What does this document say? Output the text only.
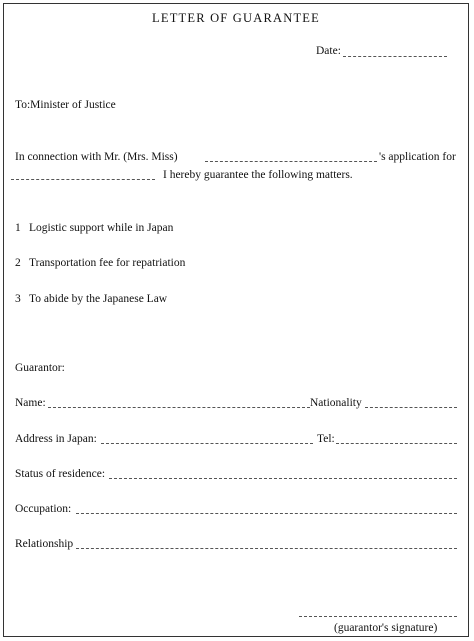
LETTER OF GUARANTEE
Date:
To:Minister of Justice
In connection with Mr. (Mrs. Miss)	's application for
I hereby guarantee the following matters.
1 Logistic support while in Japan
2 Transportation fee for repatriation
3 To abide by the Japanese Law
Guarantor:
Name:	Nationality
Address in Japan:	Tel:
Status of residence:
Occupation:
Relationship
(guarantor's signature)
